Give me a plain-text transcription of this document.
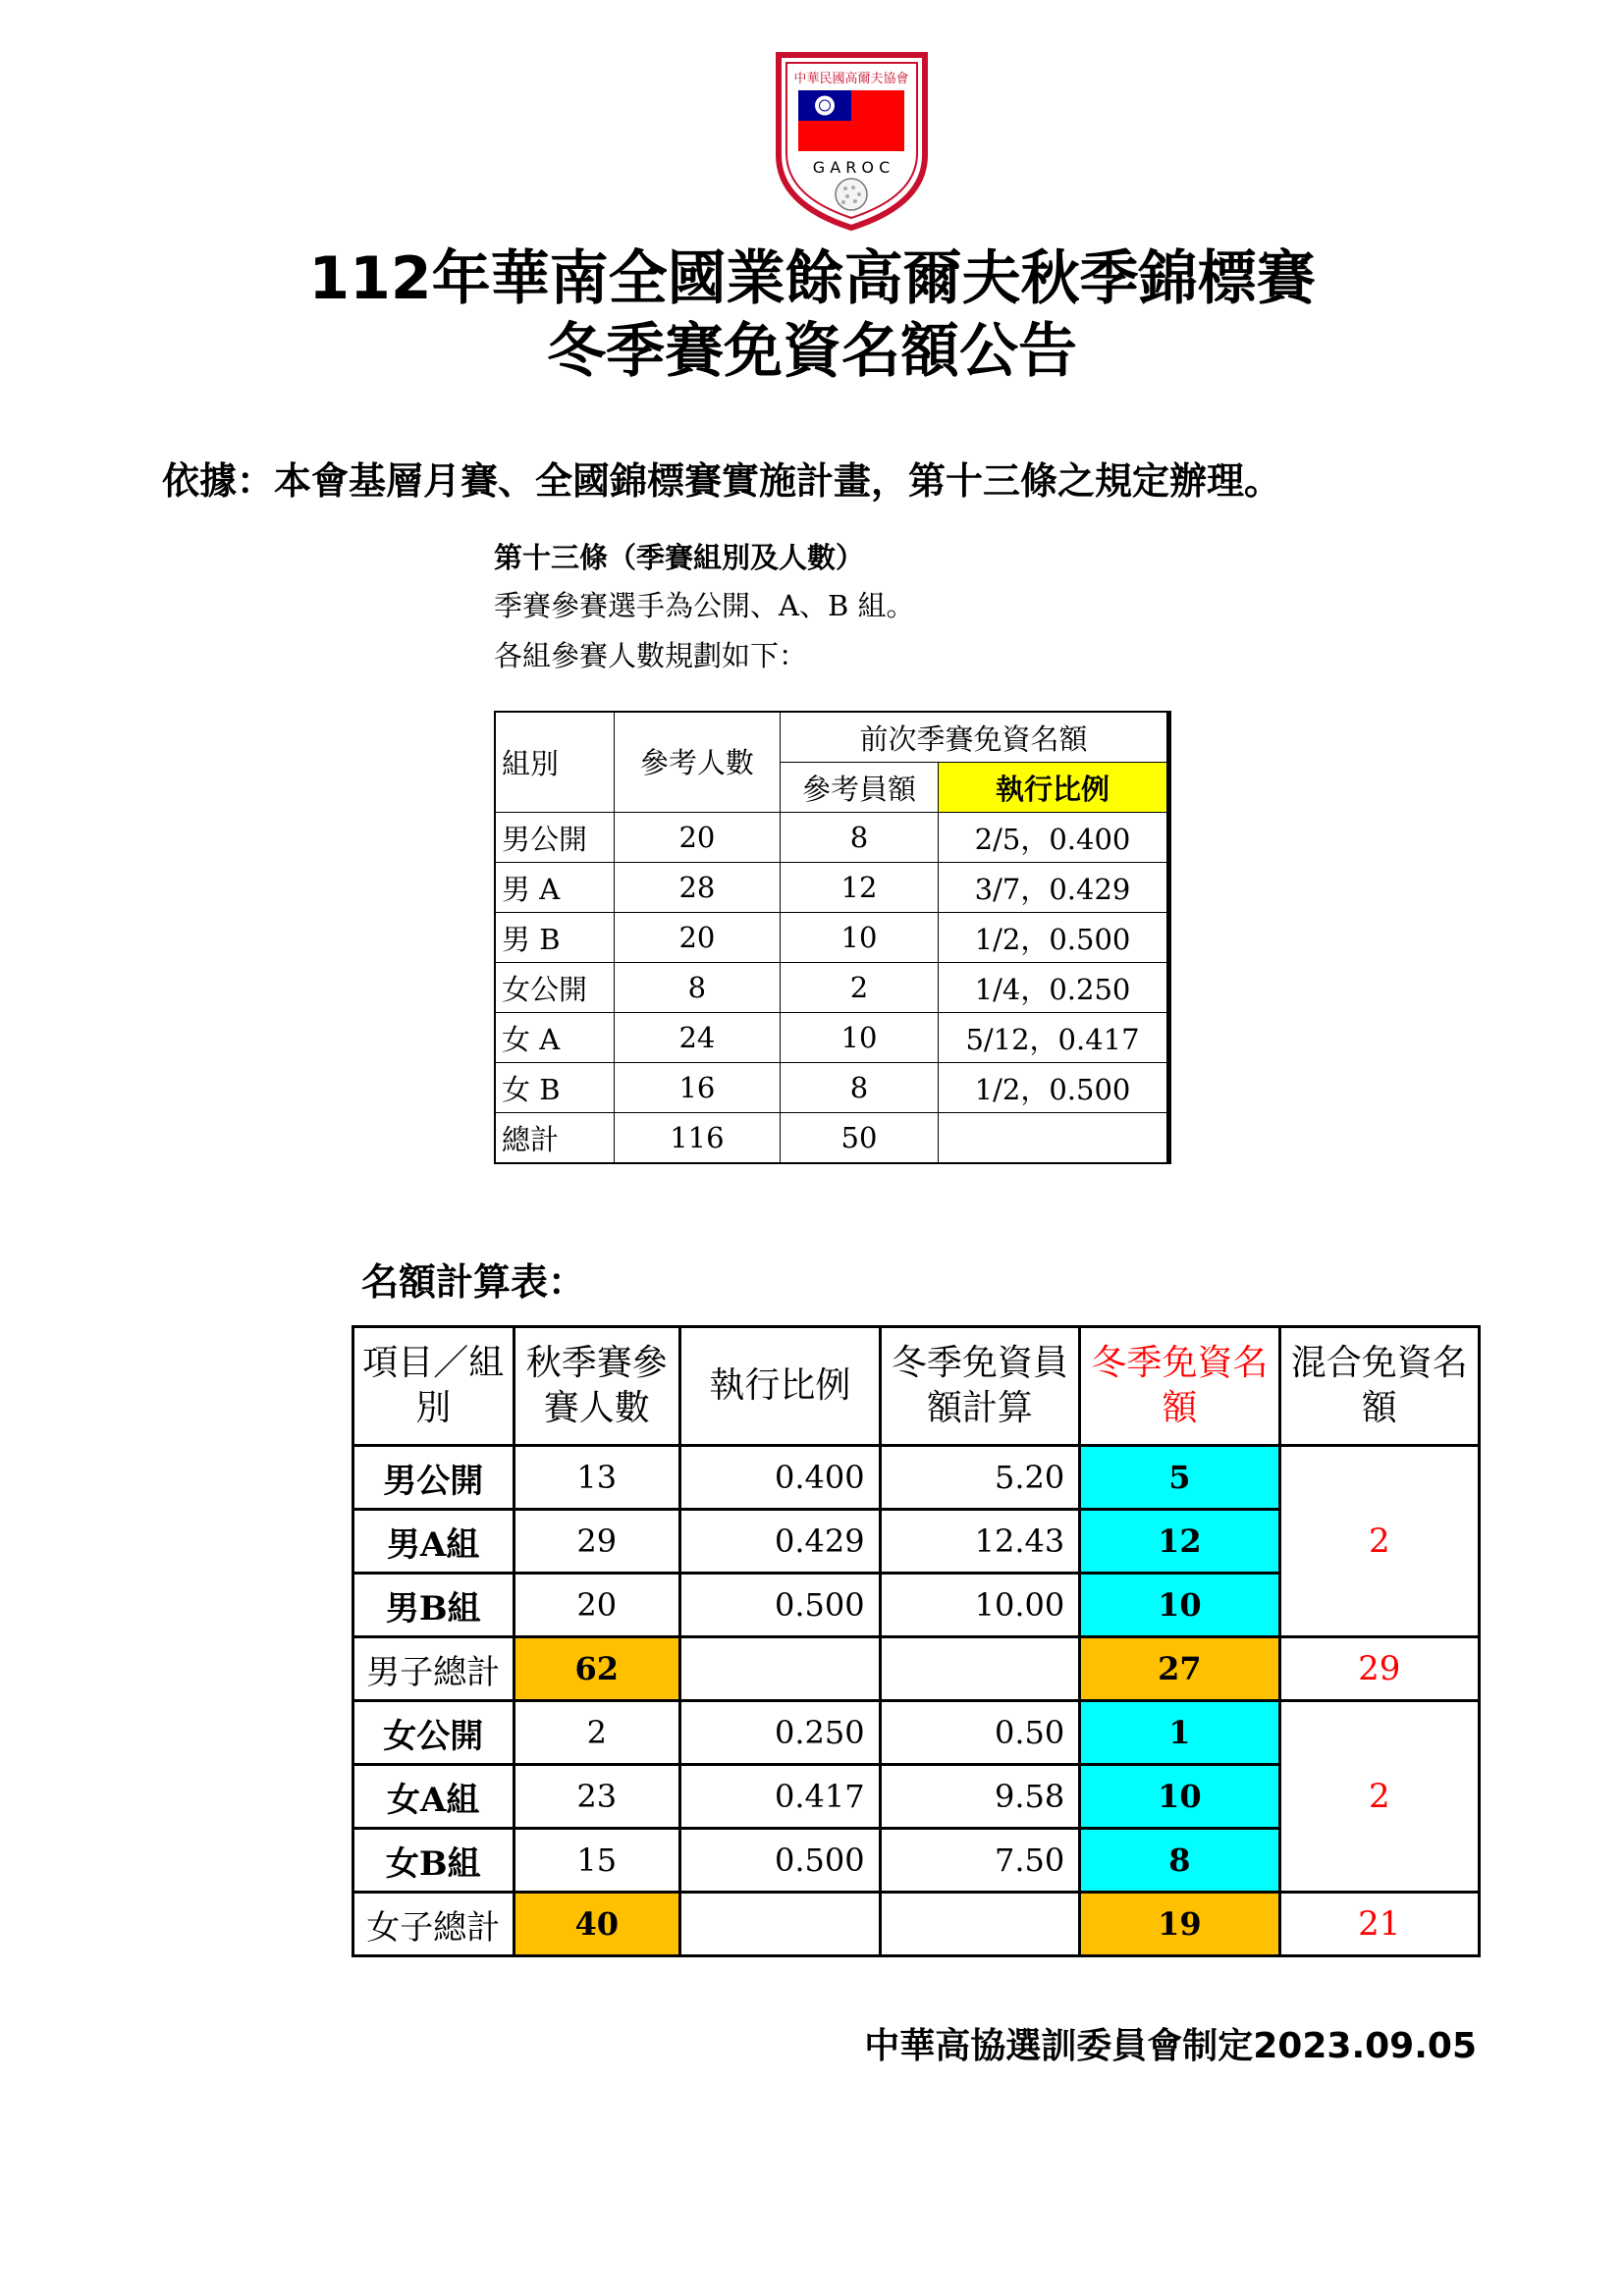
中華民國高爾夫協會
G A R O C
112年華南全國業餘高爾夫秋季錦標賽
冬季賽免資名額公告
依據：本會基層月賽、全國錦標賽實施計畫，第十三條之規定辦理。
第十三條（季賽組別及人數）
季賽參賽選手為公開、A、B 組。
各組參賽人數規劃如下：
組別	參考人數	前次季賽免資名額	
		參考員額	執行比例
男公開	20	8	2/5，0.400
男 A	28	12	3/7，0.429
男 B	20	10	1/2，0.500
女公開	8	2	1/4，0.250
女 A	24	10	5/12，0.417
女 B	16	8	1/2，0.500
總計	116	50	
名額計算表：
項目／組別	秋季賽參賽人數	執行比例	冬季免資員額計算	冬季免資名額	混合免資名額
男公開	13	0.400	5.20	5	2
男A組	29	0.429	12.43	12	
男B組	20	0.500	10.00	10	
男子總計	62			27	29
女公開	2	0.250	0.50	1	2
女A組	23	0.417	9.58	10	
女B組	15	0.500	7.50	8	
女子總計	40			19	21
中華高協選訓委員會制定2023.09.05
